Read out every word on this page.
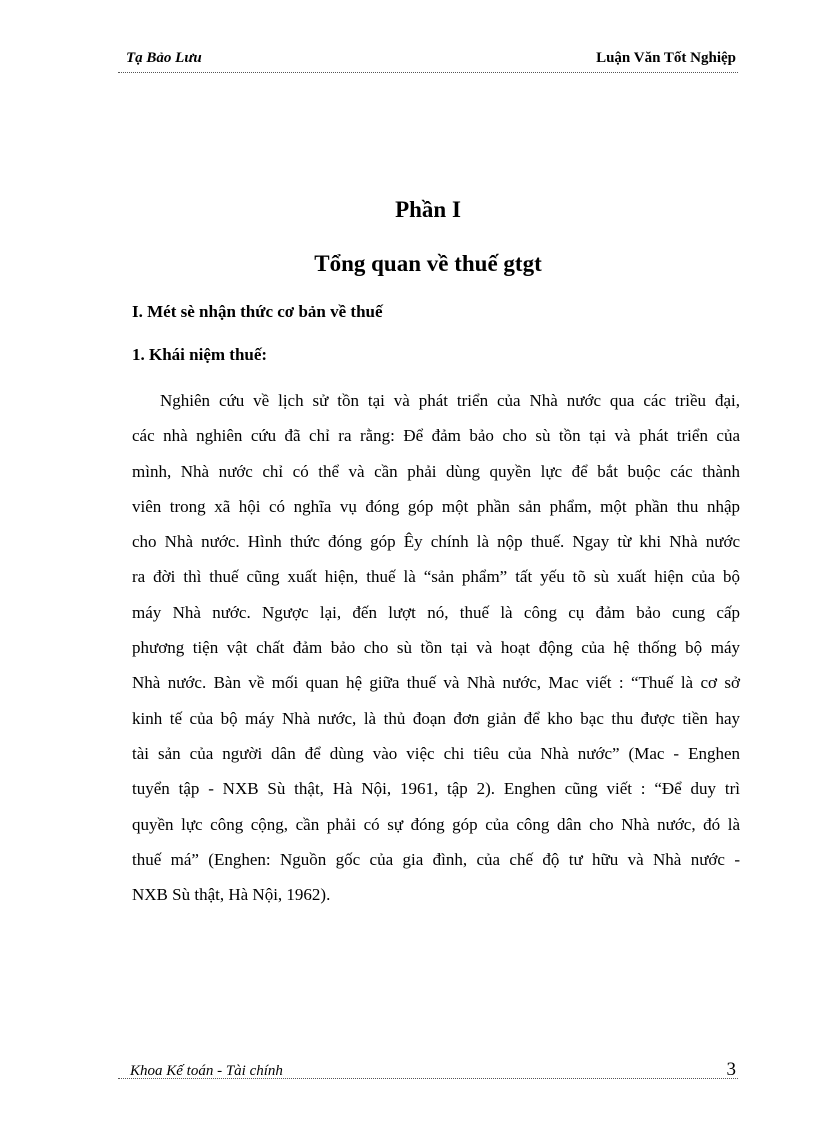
Tạ Bảo Lưu	Luận Văn Tốt Nghiệp
Phần I
Tổng quan về thuế gtgt
I. Mét sè nhận thức cơ bản về thuế
1. Khái niệm thuế:
Nghiên cứu về lịch sử tồn tại và phát triển của Nhà nước qua các triều đại,
các nhà nghiên cứu đã chỉ ra rằng: Để đảm bảo cho sù tồn tại và phát triển của
mình, Nhà nước chỉ có thể và cần phải dùng quyền lực để bắt buộc các thành
viên trong xã hội có nghĩa vụ đóng góp một phần sản phẩm, một phần thu nhập
cho Nhà nước. Hình thức đóng góp Êy chính là nộp thuế. Ngay từ khi Nhà nước
ra đời thì thuế cũng xuất hiện, thuế là “sản phẩm” tất yếu tõ sù xuất hiện của bộ
máy Nhà nước. Ngược lại, đến lượt nó, thuế là công cụ đảm bảo cung cấp
phương tiện vật chất đảm bảo cho sù tồn tại và hoạt động của hệ thống bộ máy
Nhà nước. Bàn về mối quan hệ giữa thuế và Nhà nước, Mac viết : “Thuế là cơ sở
kinh tế của bộ máy Nhà nước, là thủ đoạn đơn giản để kho bạc thu được tiền hay
tài sản của người dân để dùng vào việc chi tiêu của Nhà nước” (Mac - Enghen
tuyển tập - NXB Sù thật, Hà Nội, 1961, tập 2). Enghen cũng viết : “Để duy trì
quyền lực công cộng, cần phải có sự đóng góp của công dân cho Nhà nước, đó là
thuế má” (Enghen: Nguồn gốc của gia đình, của chế độ tư hữu và Nhà nước -
NXB Sù thật, Hà Nội, 1962).
Khoa Kế toán - Tài chính	3
